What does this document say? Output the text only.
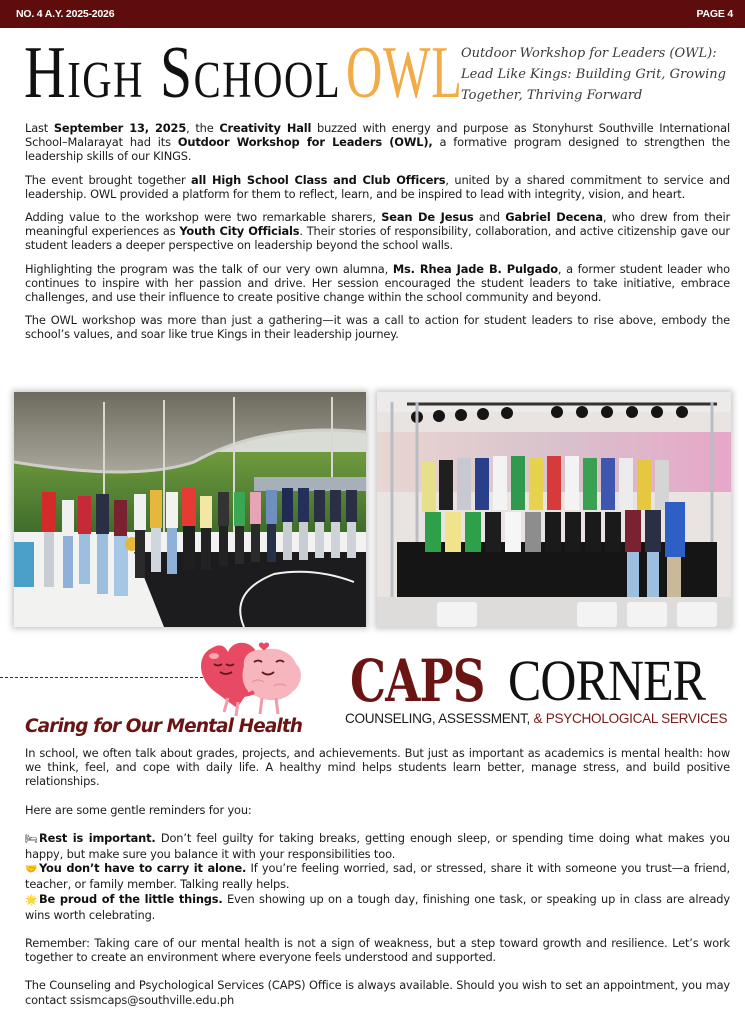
NO. 4 A.Y. 2025-2026	PAGE 4
High School OWL
Outdoor Workshop for Leaders (OWL):
Lead Like Kings: Building Grit, Growing
Together, Thriving Forward

Last September 13, 2025, the Creativity Hall buzzed with energy and purpose as Stonyhurst Southville International School–Malarayat had its Outdoor Workshop for Leaders (OWL), a formative program designed to strengthen the leadership skills of our KINGS.

The event brought together all High School Class and Club Officers, united by a shared commitment to service and leadership. OWL provided a platform for them to reflect, learn, and be inspired to lead with integrity, vision, and heart.

Adding value to the workshop were two remarkable sharers, Sean De Jesus and Gabriel Decena, who drew from their meaningful experiences as Youth City Officials. Their stories of responsibility, collaboration, and active citizenship gave our student leaders a deeper perspective on leadership beyond the school walls.

Highlighting the program was the talk of our very own alumna, Ms. Rhea Jade B. Pulgado, a former student leader who continues to inspire with her passion and drive. Her session encouraged the student leaders to take initiative, embrace challenges, and use their influence to create positive change within the school community and beyond.

The OWL workshop was more than just a gathering—it was a call to action for student leaders to rise above, embody the school’s values, and soar like true Kings in their leadership journey.

CAPS CORNER
COUNSELING, ASSESSMENT, & PSYCHOLOGICAL SERVICES
Caring for Our Mental Health

In school, we often talk about grades, projects, and achievements. But just as important as academics is mental health: how we think, feel, and cope with daily life. A healthy mind helps students learn better, manage stress, and build positive relationships.

Here are some gentle reminders for you:

🛏Rest is important. Don’t feel guilty for taking breaks, getting enough sleep, or spending time doing what makes you happy, but make sure you balance it with your responsibilities too.
🤝 You don’t have to carry it alone. If you’re feeling worried, sad, or stressed, share it with someone you trust—a friend, teacher, or family member. Talking really helps.
🌟 Be proud of the little things. Even showing up on a tough day, finishing one task, or speaking up in class are already wins worth celebrating.

Remember: Taking care of our mental health is not a sign of weakness, but a step toward growth and resilience. Let’s work together to create an environment where everyone feels understood and supported.

The Counseling and Psychological Services (CAPS) Office is always available. Should you wish to set an appointment, you may contact ssismcaps@southville.edu.ph
